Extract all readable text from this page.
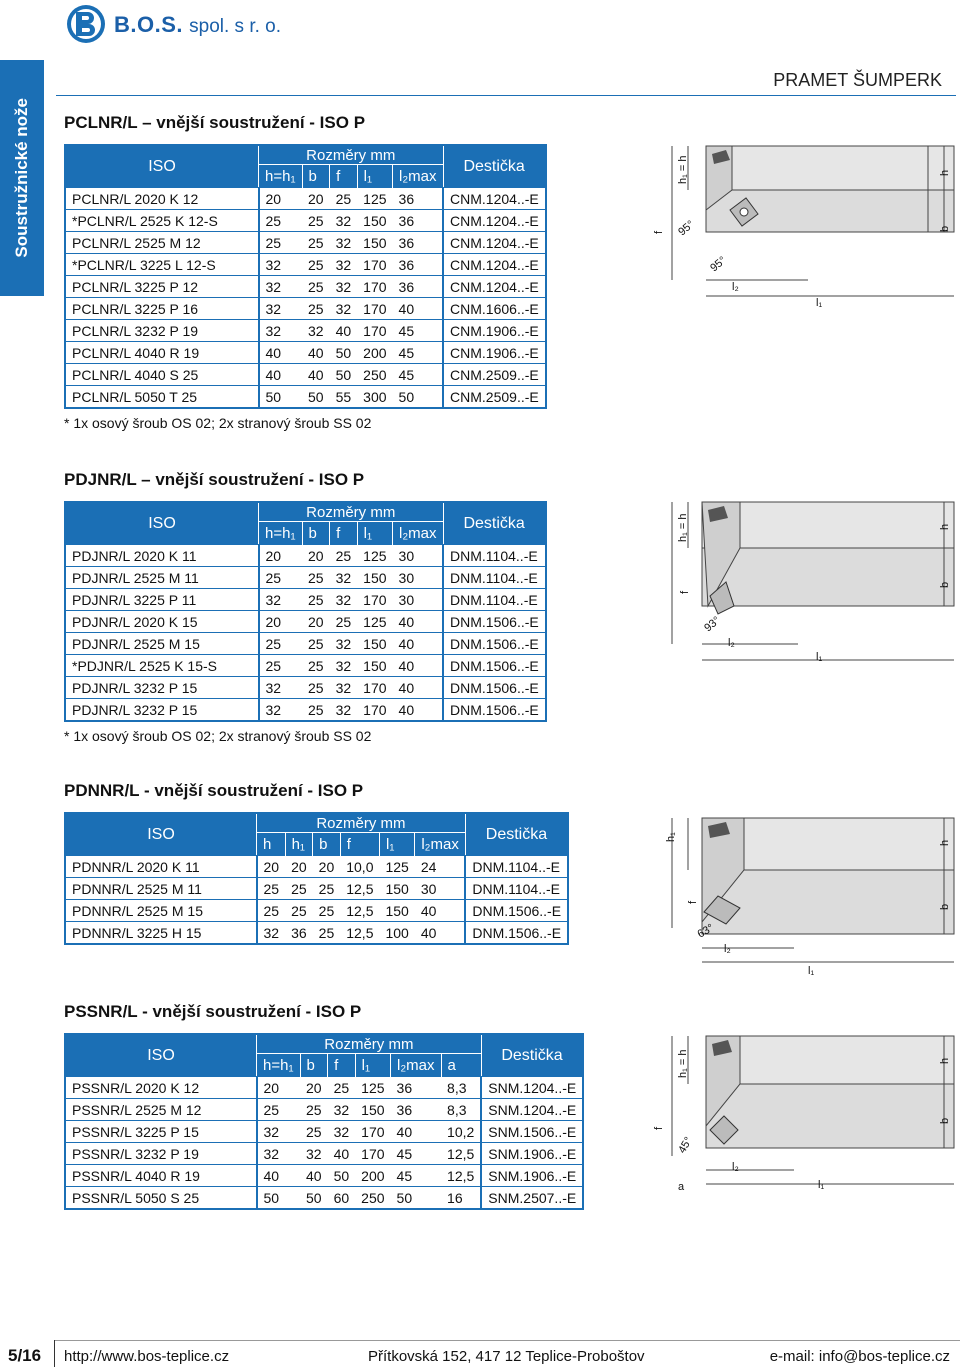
B.O.S. spol. s r. o.
Soustružnické nože
PRAMET ŠUMPERK
PCLNR/L – vnější soustružení - ISO P
ISO	Rozměry mm					Destička
	h=h₁	b	f	l₁	l₂max	
PCLNR/L 2020 K 12	20	20	25	125	36	CNM.1204..-E
*PCLNR/L 2525 K 12-S	25	25	32	150	36	CNM.1204..-E
PCLNR/L 2525 M 12	25	25	32	150	36	CNM.1204..-E
*PCLNR/L 3225 L 12-S	32	25	32	170	36	CNM.1204..-E
PCLNR/L 3225 P 12	32	25	32	170	36	CNM.1204..-E
PCLNR/L 3225 P 16	32	25	32	170	40	CNM.1606..-E
PCLNR/L 3232 P 19	32	32	40	170	45	CNM.1906..-E
PCLNR/L 4040 R 19	40	40	50	200	45	CNM.1906..-E
PCLNR/L 4040 S 25	40	40	50	250	45	CNM.2509..-E
PCLNR/L 5050 T 25	50	50	55	300	50	CNM.2509..-E
* 1x osový šroub OS 02; 2x stranový šroub SS 02
PDJNR/L – vnější soustružení - ISO P
ISO	Rozměry mm					Destička
	h=h₁	b	f	l₁	l₂max	
PDJNR/L 2020 K 11	20	20	25	125	30	DNM.1104..-E
PDJNR/L 2525 M 11	25	25	32	150	30	DNM.1104..-E
PDJNR/L 3225 P 11	32	25	32	170	30	DNM.1104..-E
PDJNR/L 2020 K 15	20	20	25	125	40	DNM.1506..-E
PDJNR/L 2525 M 15	25	25	32	150	40	DNM.1506..-E
*PDJNR/L 2525 K 15-S	25	25	32	150	40	DNM.1506..-E
PDJNR/L 3232 P 15	32	25	32	170	40	DNM.1506..-E
PDJNR/L 3232 P 15	32	25	32	170	40	DNM.1506..-E
* 1x osový šroub OS 02; 2x stranový šroub SS 02
PDNNR/L - vnější soustružení - ISO P
ISO	Rozměry mm						Destička
	h	h₁	b	f	l₁	l₂max	
PDNNR/L 2020 K 11	20	20	20	10,0	125	24	DNM.1104..-E
PDNNR/L 2525 M 11	25	25	25	12,5	150	30	DNM.1104..-E
PDNNR/L 2525 M 15	25	25	25	12,5	150	40	DNM.1506..-E
PDNNR/L 3225 H 15	32	36	25	12,5	100	40	DNM.1506..-E
PSSNR/L - vnější soustružení - ISO P
ISO	Rozměry mm						Destička
	h=h₁	b	f	l₁	l₂max	a	
PSSNR/L 2020 K 12	20	20	25	125	36	8,3	SNM.1204..-E
PSSNR/L 2525 M 12	25	25	32	150	36	8,3	SNM.1204..-E
PSSNR/L 3225 P 15	32	25	32	170	40	10,2	SNM.1506..-E
PSSNR/L 3232 P 19	32	32	40	170	45	12,5	SNM.1906..-E
PSSNR/L 4040 R 19	40	40	50	200	45	12,5	SNM.1906..-E
PSSNR/L 5050 S 25	50	50	60	250	50	16	SNM.2507..-E
h₁ = h	h
b
f
l₁
l₂
95°
95°
h₁ = h	h
b
f
l₁
l₂
93°
h₁
h
b
f
l₁
l₂
63°
h₁ = h	h
b
f
l₁
l₂
a
45°
5/16 http://www.bos-teplice.cz	Přítkovská 152, 417 12 Teplice-Proboštov	e-mail: info@bos-teplice.cz
